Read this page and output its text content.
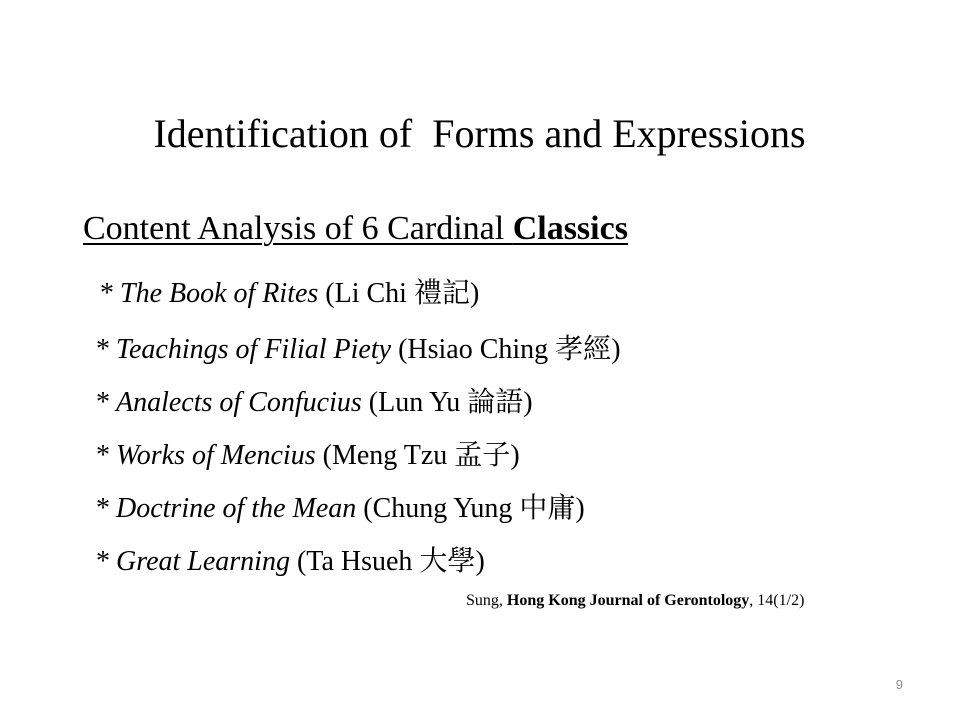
Identification of  Forms and Expressions
Content Analysis of 6 Cardinal Classics
* The Book of Rites (Li Chi 禮記)
* Teachings of Filial Piety (Hsiao Ching 孝經)
* Analects of Confucius (Lun Yu 論語)
* Works of Mencius (Meng Tzu 孟子)
* Doctrine of the Mean (Chung Yung 中庸)
* Great Learning (Ta Hsueh 大學)
Sung, Hong Kong Journal of Gerontology, 14(1/2)
9
